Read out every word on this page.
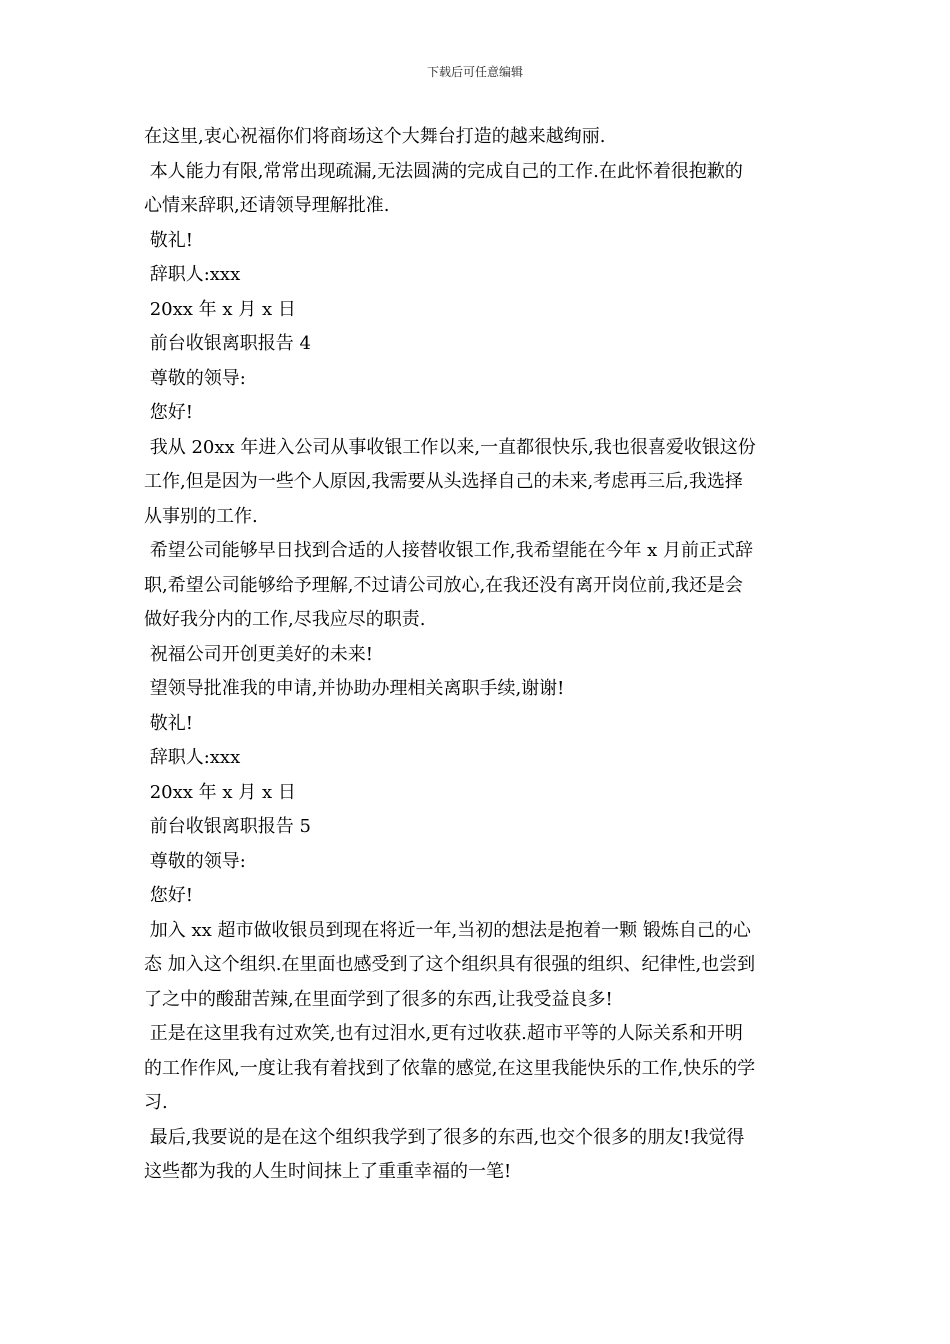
下载后可任意编辑

在这里,衷心祝福你们将商场这个大舞台打造的越来越绚丽.

本人能力有限,常常出现疏漏,无法圆满的完成自己的工作.在此怀着很抱歉的

心情来辞职,还请领导理解批准.

敬礼!

辞职人:xxx

20xx 年 x 月 x 日

前台收银离职报告 4

尊敬的领导:

您好!

我从 20xx 年进入公司从事收银工作以来,一直都很快乐,我也很喜爱收银这份

工作,但是因为一些个人原因,我需要从头选择自己的未来,考虑再三后,我选择

从事别的工作.

希望公司能够早日找到合适的人接替收银工作,我希望能在今年 x 月前正式辞

职,希望公司能够给予理解,不过请公司放心,在我还没有离开岗位前,我还是会

做好我分内的工作,尽我应尽的职责.

祝福公司开创更美好的未来!

望领导批准我的申请,并协助办理相关离职手续,谢谢!

敬礼!

辞职人:xxx

20xx 年 x 月 x 日

前台收银离职报告 5

尊敬的领导:

您好!

加入 xx 超市做收银员到现在将近一年,当初的想法是抱着一颗 锻炼自己的心

态 加入这个组织.在里面也感受到了这个组织具有很强的组织、纪律性,也尝到

了之中的酸甜苦辣,在里面学到了很多的东西,让我受益良多!

正是在这里我有过欢笑,也有过泪水,更有过收获.超市平等的人际关系和开明

的工作作风,一度让我有着找到了依靠的感觉,在这里我能快乐的工作,快乐的学

习.

最后,我要说的是在这个组织我学到了很多的东西,也交个很多的朋友!我觉得

这些都为我的人生时间抹上了重重幸福的一笔!
